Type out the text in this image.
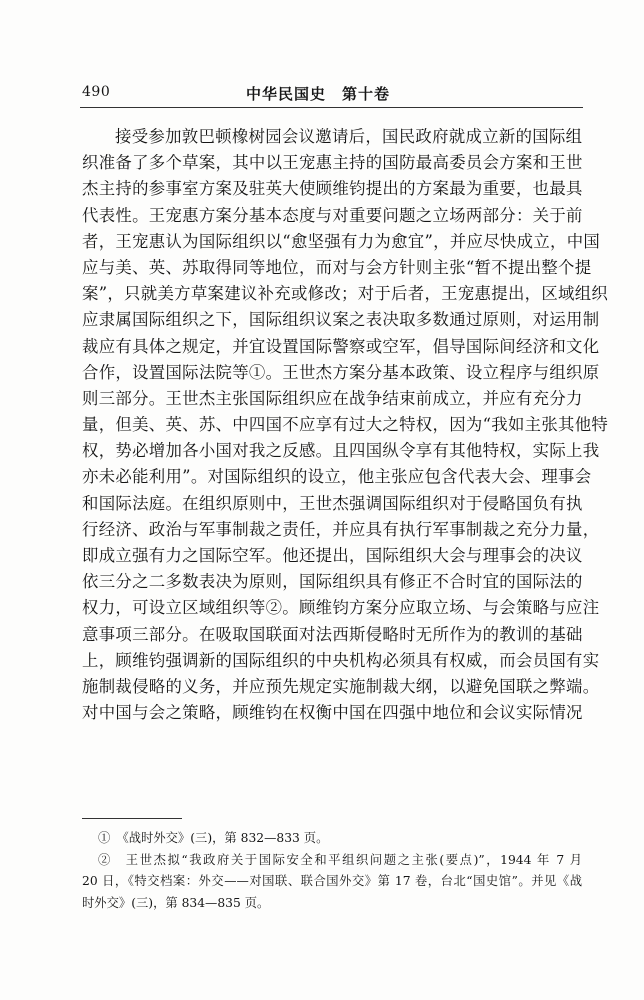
490	中华民国史　第十卷
接受参加敦巴顿橡树园会议邀请后，国民政府就成立新的国际组
织准备了多个草案，其中以王宠惠主持的国防最高委员会方案和王世
杰主持的参事室方案及驻英大使顾维钧提出的方案最为重要，也最具
代表性。王宠惠方案分基本态度与对重要问题之立场两部分：关于前
者，王宠惠认为国际组织以“愈坚强有力为愈宜”，并应尽快成立，中国
应与美、英、苏取得同等地位，而对与会方针则主张“暂不提出整个提
案”，只就美方草案建议补充或修改；对于后者，王宠惠提出，区域组织
应隶属国际组织之下，国际组织议案之表决取多数通过原则，对运用制
裁应有具体之规定，并宜设置国际警察或空军，倡导国际间经济和文化
合作，设置国际法院等①。王世杰方案分基本政策、设立程序与组织原
则三部分。王世杰主张国际组织应在战争结束前成立，并应有充分力
量，但美、英、苏、中四国不应享有过大之特权，因为“我如主张其他特
权，势必增加各小国对我之反感。且四国纵令享有其他特权，实际上我
亦未必能利用”。对国际组织的设立，他主张应包含代表大会、理事会
和国际法庭。在组织原则中，王世杰强调国际组织对于侵略国负有执
行经济、政治与军事制裁之责任，并应具有执行军事制裁之充分力量，
即成立强有力之国际空军。他还提出，国际组织大会与理事会的决议
依三分之二多数表决为原则，国际组织具有修正不合时宜的国际法的
权力，可设立区域组织等②。顾维钧方案分应取立场、与会策略与应注
意事项三部分。在吸取国联面对法西斯侵略时无所作为的教训的基础
上，顾维钧强调新的国际组织的中央机构必须具有权威，而会员国有实
施制裁侵略的义务，并应预先规定实施制裁大纲，以避免国联之弊端。
对中国与会之策略，顾维钧在权衡中国在四强中地位和会议实际情况
①　《战时外交》(三)，第 832—833 页。
②　王世杰拟“我政府关于国际安全和平组织问题之主张(要点)”，1944 年 7 月
20 日，《特交档案：外交——对国联、联合国外交》第 17 卷，台北“国史馆”。并见《战
时外交》(三)，第 834—835 页。
